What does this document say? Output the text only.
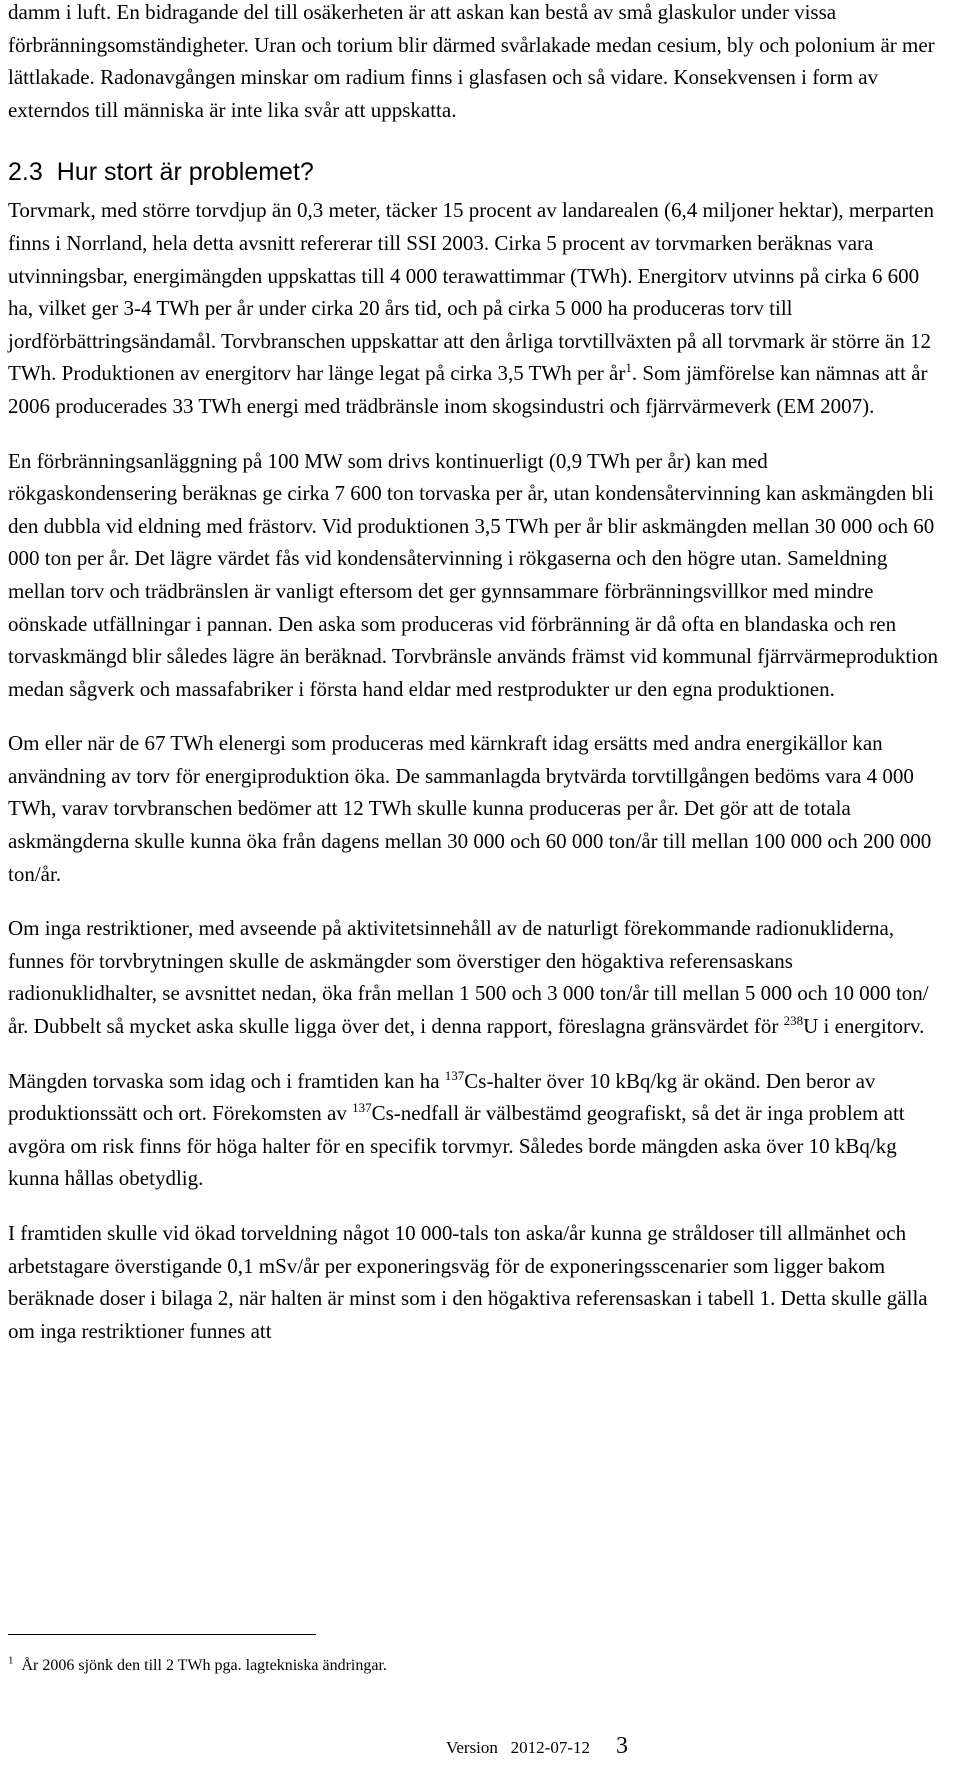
damm i luft. En bidragande del till osäkerheten är att askan kan bestå av små glaskulor under vissa förbränningsomständigheter. Uran och torium blir därmed svårlakade medan cesium, bly och polonium är mer lättlakade. Radonavgången minskar om radium finns i glasfasen och så vidare. Konsekvensen i form av externdos till människa är inte lika svår att uppskatta.

2.3 Hur stort är problemet?

Torvmark, med större torvdjup än 0,3 meter, täcker 15 procent av landarealen (6,4 miljoner hektar), merparten finns i Norrland, hela detta avsnitt refererar till SSI 2003. Cirka 5 procent av torvmarken beräknas vara utvinningsbar, energimängden uppskattas till 4 000 terawattimmar (TWh). Energitorv utvinns på cirka 6 600 ha, vilket ger 3-4 TWh per år under cirka 20 års tid, och på cirka 5 000 ha produceras torv till jordförbättringsändamål. Torvbranschen uppskattar att den årliga torvtillväxten på all torvmark är större än 12 TWh. Produktionen av energitorv har länge legat på cirka 3,5 TWh per $år^1$. Som jämförelse kan nämnas att år 2006 producerades 33 TWh energi med trädbränsle inom skogsindustri och fjärrvärmeverk (EM 2007).

En förbränningsanläggning på 100 MW som drivs kontinuerligt (0,9 TWh per år) kan med rökgaskondensering beräknas ge cirka 7 600 ton torvaska per år, utan kondensåtervinning kan askmängden bli den dubbla vid eldning med frästorv. Vid produktionen 3,5 TWh per år blir askmängden mellan 30 000 och 60 000 ton per år. Det lägre värdet fås vid kondensåtervinning i rökgaserna och den högre utan. Sameldning mellan torv och trädbränslen är vanligt eftersom det ger gynnsammare förbränningsvillkor med mindre oönskade utfällningar i pannan. Den aska som produceras vid förbränning är då ofta en blandaska och ren torvaskmängd blir således lägre än beräknad. Torvbränsle används främst vid kommunal fjärrvärmeproduktion medan sågverk och massafabriker i första hand eldar med restprodukter ur den egna produktionen.

Om eller när de 67 TWh elenergi som produceras med kärnkraft idag ersätts med andra energikällor kan användning av torv för energiproduktion öka. De sammanlagda brytvärda torvtillgången bedöms vara 4 000 TWh, varav torvbranschen bedömer att 12 TWh skulle kunna produceras per år. Det gör att de totala askmängderna skulle kunna öka från dagens mellan 30 000 och 60 000 ton/år till mellan 100 000 och 200 000 ton/år.

Om inga restriktioner, med avseende på aktivitetsinnehåll av de naturligt förekommande radionukliderna, funnes för torvbrytningen skulle de askmängder som överstiger den högaktiva referensaskans radionuklidhalter, se avsnittet nedan, öka från mellan 1 500 och 3 000 ton/år till mellan 5 000 och 10 000 ton/år. Dubbelt så mycket aska skulle ligga över det, i denna rapport, föreslagna gränsvärdet för $^{238}$U i energitorv.

Mängden torvaska som idag och i framtiden kan ha $^{137}$Cs-halter över 10 kBq/kg är okänd. Den beror av produktionssätt och ort. Förekomsten av $^{137}$Cs-nedfall är välbestämd geografiskt, så det är inga problem att avgöra om risk finns för höga halter för en specifik torvmyr. Således borde mängden aska över 10 kBq/kg kunna hållas obetydlig.

I framtiden skulle vid ökad torveldning något 10 000-tals ton aska/år kunna ge stråldoser till allmänhet och arbetstagare överstigande 0,1 mSv/år per exponeringsväg för de exponeringsscenarier som ligger bakom beräknade doser i bilaga 2, när halten är minst som i den högaktiva referensaskan i tabell 1. Detta skulle gälla om inga restriktioner funnes att

$^1$ År 2006 sjönk den till 2 TWh pga. lagtekniska ändringar.
Version 2012-07-12 3
